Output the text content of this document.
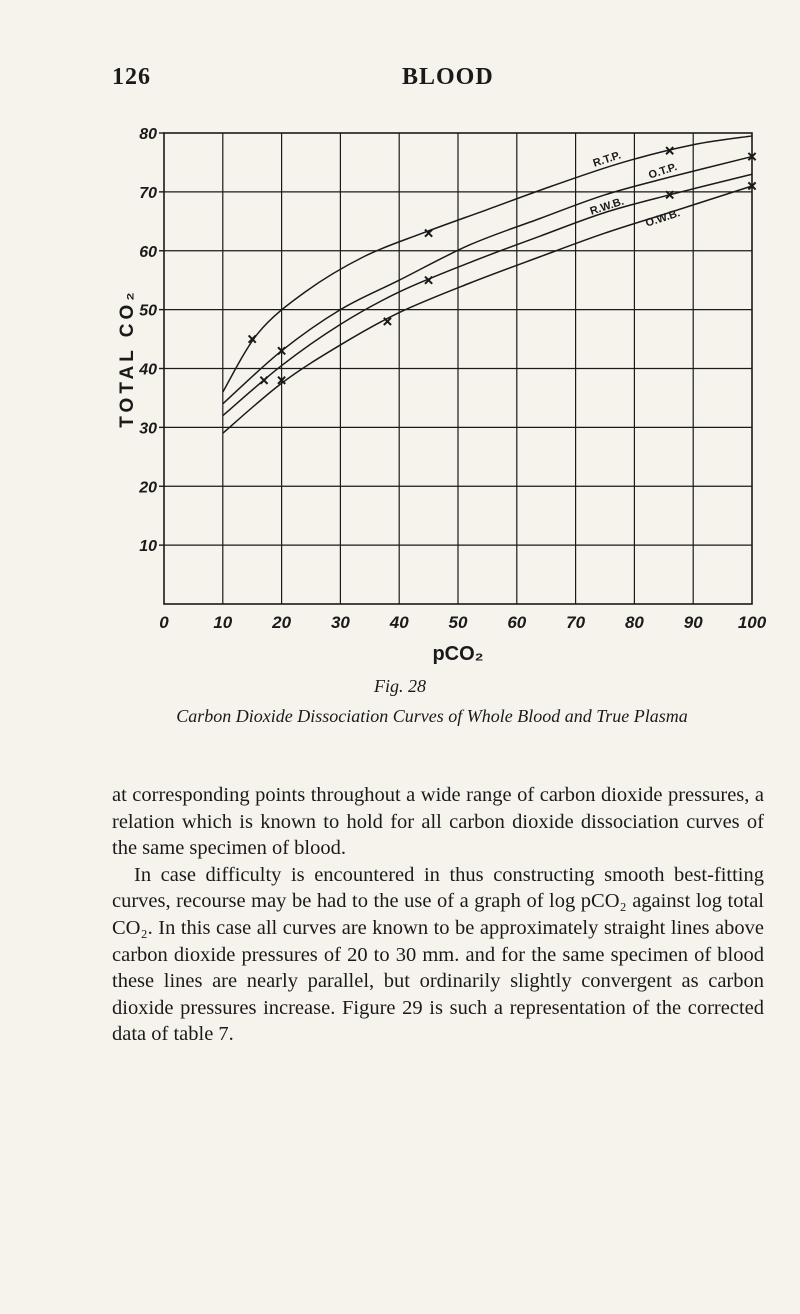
126	BLOOD
R.T.P.
O.T.P.
R.W.B.
O.W.B.
10
20
30
40
50
60
70
80
0	10 20 30 40 50 60 70 80 90 100
TOTAL CO₂
pCO₂
Fig. 28
Carbon Dioxide Dissociation Curves of Whole Blood and True Plasma

at corresponding points throughout a wide range of carbon dioxide pressures, a relation which is known to hold for all carbon dioxide dissociation curves of the same specimen of blood.

In case difficulty is encountered in thus constructing smooth best-fitting curves, recourse may be had to the use of a graph of log pCO₂ against log total CO₂. In this case all curves are known to be approximately straight lines above carbon dioxide pressures of 20 to 30 mm. and for the same specimen of blood these lines are nearly parallel, but ordinarily slightly convergent as carbon dioxide pressures increase. Figure 29 is such a representation of the corrected data of table 7.
